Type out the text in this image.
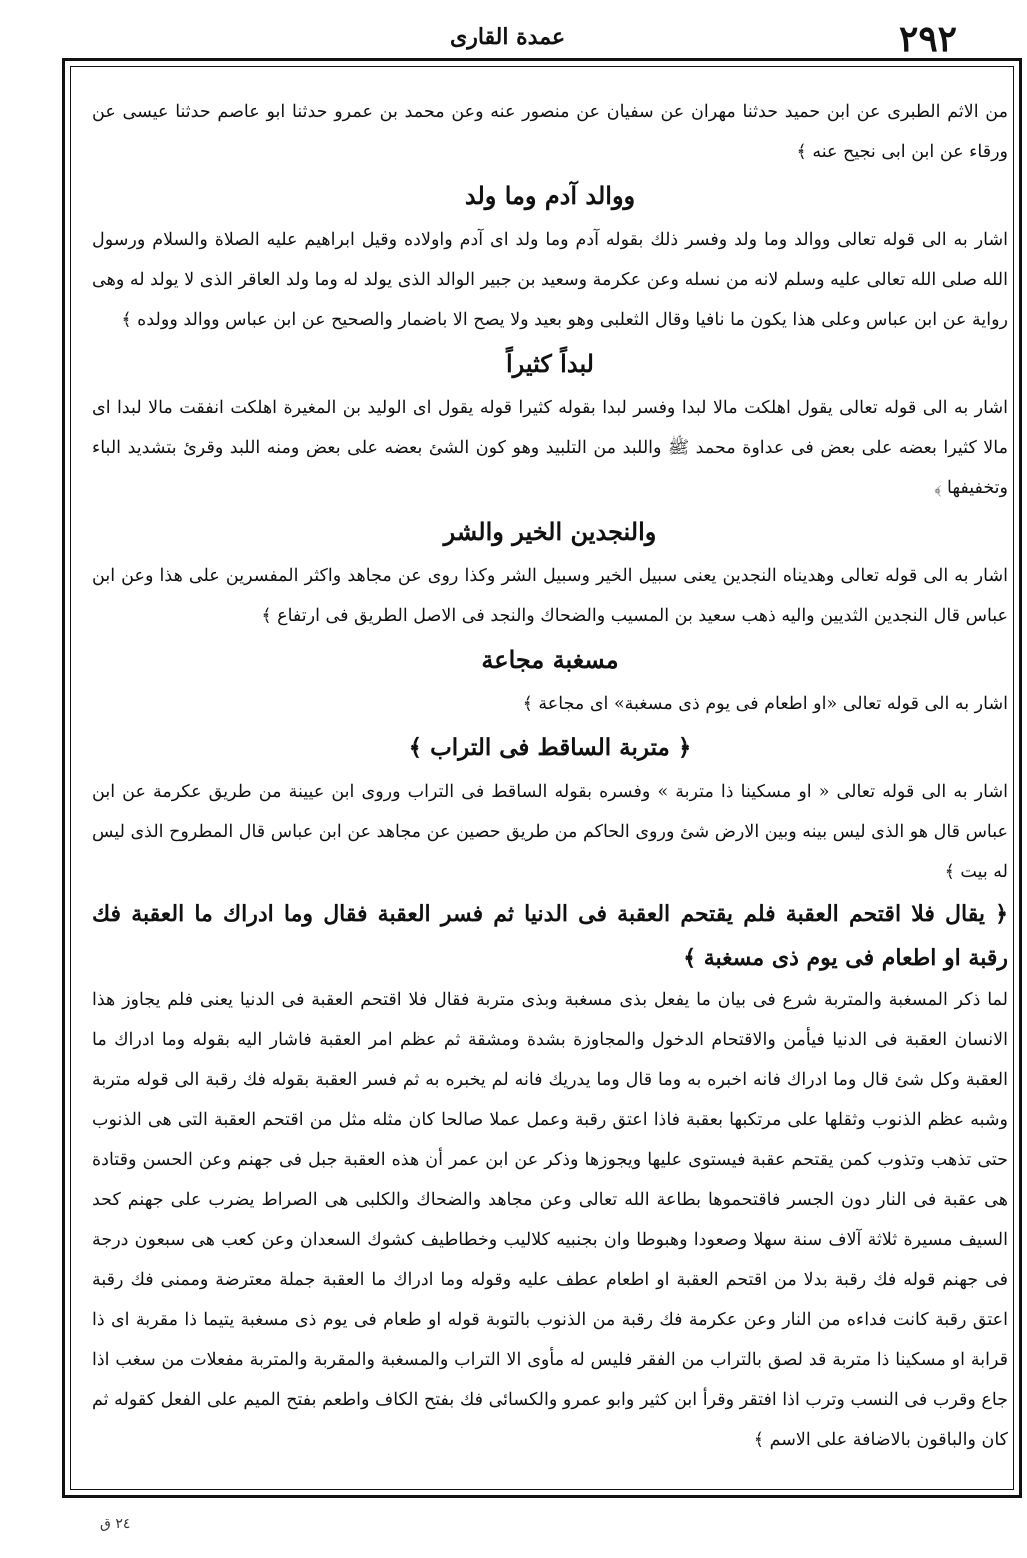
٢٩٢
عمدة القارى

من الاثم الطبرى عن ابن حميد حدثنا مهران عن سفيان عن منصور عنه وعن محمد بن عمرو حدثنا ابو عاصم حدثنا عيسى عن ورقاء عن ابن ابى نجيح عنه ﴾

ووالد آدم وما ولد

اشار به الى قوله تعالى ووالد وما ولد وفسر ذلك بقوله آدم وما ولد اى آدم واولاده وقيل ابراهيم عليه الصلاة والسلام ورسول الله صلى الله تعالى عليه وسلم لانه من نسله وعن عكرمة وسعيد بن جبير الوالد الذى يولد له وما ولد العاقر الذى لا يولد له وهى رواية عن ابن عباس وعلى هذا يكون ما نافيا وقال الثعلبى وهو بعيد ولا يصح الا باضمار والصحيح عن ابن عباس ووالد وولده ﴾

لبداً كثيراً

اشار به الى قوله تعالى يقول اهلكت مالا لبدا وفسر لبدا بقوله كثيرا قوله يقول اى الوليد بن المغيرة اهلكت انفقت مالا لبدا اى مالا كثيرا بعضه على بعض فى عداوة محمد ﷺ واللبد من التلبيد وهو كون الشئ بعضه على بعض ومنه اللبد وقرئ بتشديد الباء وتخفيفها ﴾

والنجدين الخير والشر

اشار به الى قوله تعالى وهديناه النجدين يعنى سبيل الخير وسبيل الشر وكذا روى عن مجاهد واكثر المفسرين على هذا وعن ابن عباس قال النجدين الثديين واليه ذهب سعيد بن المسيب والضحاك والنجد فى الاصل الطريق فى ارتفاع ﴾

مسغبة مجاعة

اشار به الى قوله تعالى «او اطعام فى يوم ذى مسغبة» اى مجاعة ﴾

﴿ متربة الساقط فى التراب ﴾

اشار به الى قوله تعالى « او مسكينا ذا متربة » وفسره بقوله الساقط فى التراب وروى ابن عيينة من طريق عكرمة عن ابن عباس قال هو الذى ليس بينه وبين الارض شئ وروى الحاكم من طريق حصين عن مجاهد عن ابن عباس قال المطروح الذى ليس له بيت ﴾

﴿ يقال فلا اقتحم العقبة فلم يقتحم العقبة فى الدنيا ثم فسر العقبة فقال وما ادراك ما العقبة فك رقبة او اطعام فى يوم ذى مسغبة ﴾

لما ذكر المسغبة والمتربة شرع فى بيان ما يفعل بذى مسغبة وبذى متربة فقال فلا اقتحم العقبة فى الدنيا يعنى فلم يجاوز هذا الانسان العقبة فى الدنيا فيأمن والاقتحام الدخول والمجاوزة بشدة ومشقة ثم عظم امر العقبة فاشار اليه بقوله وما ادراك ما العقبة وكل شئ قال وما ادراك فانه اخبره به وما قال وما يدريك فانه لم يخبره به ثم فسر العقبة بقوله فك رقبة الى قوله متربة وشبه عظم الذنوب وثقلها على مرتكبها بعقبة فاذا اعتق رقبة وعمل عملا صالحا كان مثله مثل من اقتحم العقبة التى هى الذنوب حتى تذهب وتذوب كمن يقتحم عقبة فيستوى عليها ويجوزها وذكر عن ابن عمر أن هذه العقبة جبل فى جهنم وعن الحسن وقتادة هى عقبة فى النار دون الجسر فاقتحموها بطاعة الله تعالى وعن مجاهد والضحاك والكلبى هى الصراط يضرب على جهنم كحد السيف مسيرة ثلاثة آلاف سنة سهلا وصعودا وهبوطا وان بجنبيه كلاليب وخطاطيف كشوك السعدان وعن كعب هى سبعون درجة فى جهنم قوله فك رقبة بدلا من اقتحم العقبة او اطعام عطف عليه وقوله وما ادراك ما العقبة جملة معترضة وممنى فك رقبة اعتق رقبة كانت فداءه من النار وعن عكرمة فك رقبة من الذنوب بالتوبة قوله او طعام فى يوم ذى مسغبة يتيما ذا مقربة اى ذا قرابة او مسكينا ذا متربة قد لصق بالتراب من الفقر فليس له مأوى الا التراب والمسغبة والمقربة والمتربة مفعلات من سغب اذا جاع وقرب فى النسب وترب اذا افتقر وقرأ ابن كثير وابو عمرو والكسائى فك بفتح الكاف واطعم بفتح الميم على الفعل كقوله ثم كان والباقون بالاضافة على الاسم ﴾

٢٤ ق
